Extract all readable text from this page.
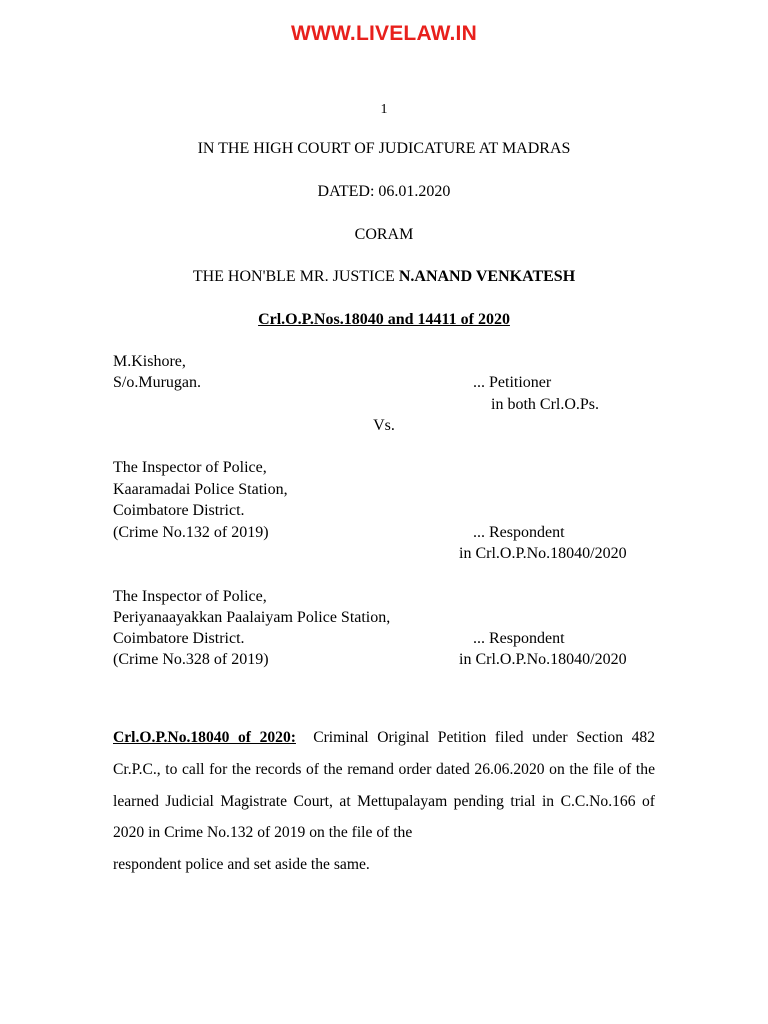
WWW.LIVELAW.IN
1
IN THE HIGH COURT OF JUDICATURE AT MADRAS
DATED: 06.01.2020
CORAM
THE HON'BLE MR. JUSTICE N.ANAND VENKATESH
Crl.O.P.Nos.18040 and 14411 of 2020
M.Kishore,
S/o.Murugan.	... Petitioner
in both Crl.O.Ps.
Vs.
The Inspector of Police,
Kaaramadai Police Station,
Coimbatore District.
(Crime No.132 of 2019)	... Respondent
in Crl.O.P.No.18040/2020
The Inspector of Police,
Periyanaayakkan Paalaiyam Police Station,
Coimbatore District.	... Respondent
(Crime No.328 of 2019)	in Crl.O.P.No.18040/2020
Crl.O.P.No.18040 of 2020: Criminal Original Petition filed under Section 482 Cr.P.C., to call for the records of the remand order dated 26.06.2020 on the file of the learned Judicial Magistrate Court, at Mettupalayam pending trial in C.C.No.166 of 2020 in Crime No.132 of 2019 on the file of the
respondent police and set aside the same.
